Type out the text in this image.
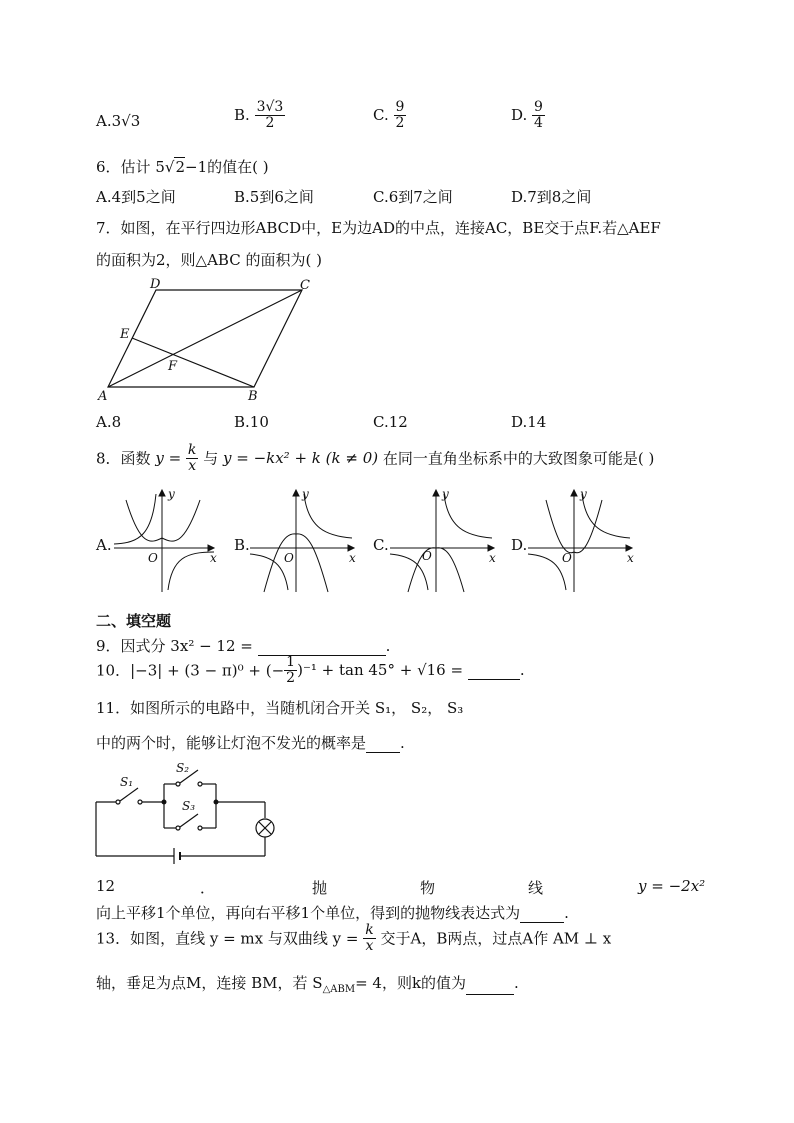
A.3√3	B. $\frac{3√3}{2}$	C. $\frac{9}{2}$	D. $\frac{9}{4}$
6．估计 5√2−1的值在( )
A.4到5之间	B.5到6之间	C.6到7之间	D.7到8之间
7．如图，在平行四边形ABCD中，E为边AD的中点，连接AC，BE交于点F.若△AEF
的面积为2，则△ABC 的面积为( )
A	B
C
D
E
F
A.8	B.10	C.12	D.14
8．函数 $y = \frac{k}{x}$ 与 y = −kx² + k (k ≠ 0) 在同一直角坐标系中的大致图象可能是( )
A.
y
x
O
B.
y
x
O
C.
y
x
O
D.
y
x
O
二、填空题
9．因式分 3x² − 12 =	.
10．|−3| + (3 − π)⁰ + (− $\frac{1}{2} )^{-1} + \tan 45^\circ + √16$ =	.
11．如图所示的电路中，当随机闭合开关 S₁， S₂， S₃
中的两个时，能够让灯泡不发光的概率是 .
S₁
S₂
S₃
12	．	抛	物	线	y = −2x²
向上平移1个单位，再向右平移1个单位，得到的抛物线表达式为	.
13．如图，直线 y = mx 与双曲线 $y = \frac{k}{x}$ 交于A，B两点，过点A作 AM ⊥ x
轴，垂足为点M，连接 BM，若 $S_{\triangle ABM}= 4$，则k的值为	.
